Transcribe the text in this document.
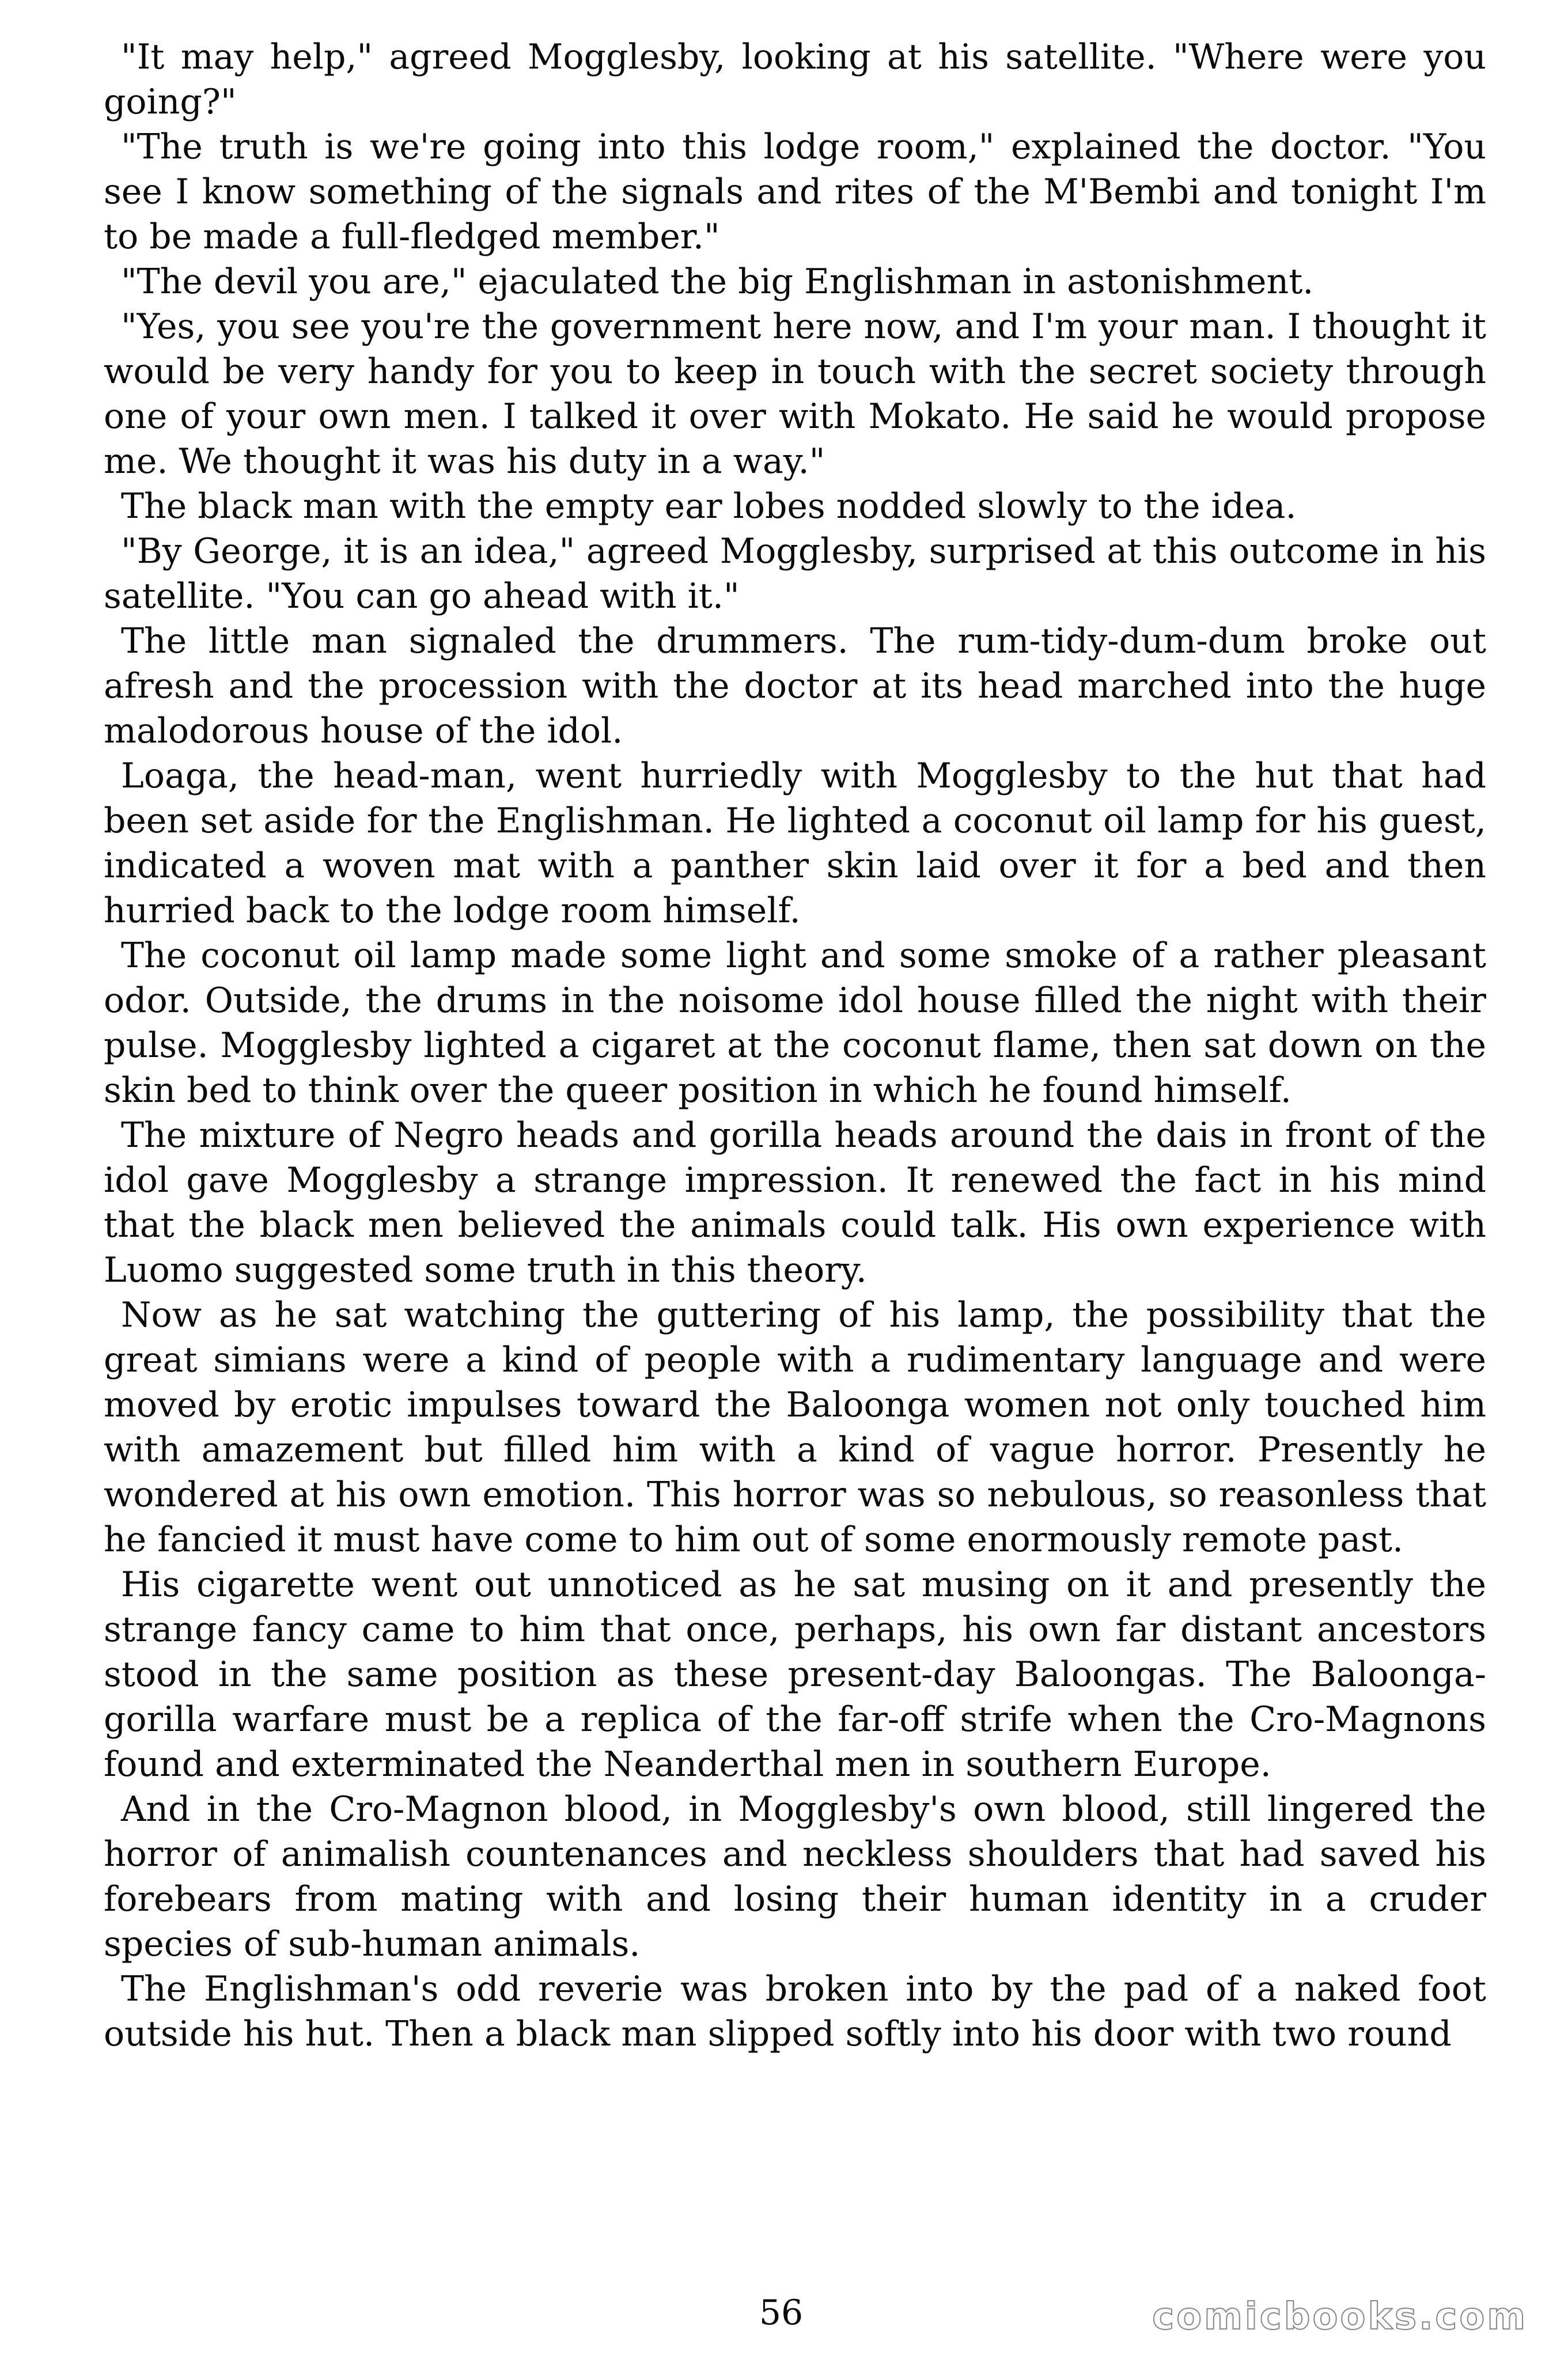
"It may help," agreed Mogglesby, looking at his satellite. "Where were you going?"

"The truth is we're going into this lodge room," explained the doctor. "You see I know something of the signals and rites of the M'Bembi and tonight I'm to be made a full-fledged member."

"The devil you are," ejaculated the big Englishman in astonishment.

"Yes, you see you're the government here now, and I'm your man. I thought it would be very handy for you to keep in touch with the secret society through one of your own men. I talked it over with Mokato. He said he would propose me. We thought it was his duty in a way."

The black man with the empty ear lobes nodded slowly to the idea.

"By George, it is an idea," agreed Mogglesby, surprised at this outcome in his satellite. "You can go ahead with it."

The little man signaled the drummers. The rum-tidy-dum-dum broke out afresh and the procession with the doctor at its head marched into the huge malodorous house of the idol.

Loaga, the head-man, went hurriedly with Mogglesby to the hut that had been set aside for the Englishman. He lighted a coconut oil lamp for his guest, indicated a woven mat with a panther skin laid over it for a bed and then hurried back to the lodge room himself.

The coconut oil lamp made some light and some smoke of a rather pleasant odor. Outside, the drums in the noisome idol house filled the night with their pulse. Mogglesby lighted a cigaret at the coconut flame, then sat down on the skin bed to think over the queer position in which he found himself.

The mixture of Negro heads and gorilla heads around the dais in front of the idol gave Mogglesby a strange impression. It renewed the fact in his mind that the black men believed the animals could talk. His own experience with Luomo suggested some truth in this theory.

Now as he sat watching the guttering of his lamp, the possibility that the great simians were a kind of people with a rudimentary language and were moved by erotic impulses toward the Baloonga women not only touched him with amazement but filled him with a kind of vague horror. Presently he wondered at his own emotion. This horror was so nebulous, so reasonless that he fancied it must have come to him out of some enormously remote past.

His cigarette went out unnoticed as he sat musing on it and presently the strange fancy came to him that once, perhaps, his own far distant ancestors stood in the same position as these present-day Baloongas. The Baloonga-gorilla warfare must be a replica of the far-off strife when the Cro-Magnons found and exterminated the Neanderthal men in southern Europe.

And in the Cro-Magnon blood, in Mogglesby's own blood, still lingered the horror of animalish countenances and neckless shoulders that had saved his forebears from mating with and losing their human identity in a cruder species of sub-human animals.

The Englishman's odd reverie was broken into by the pad of a naked foot outside his hut. Then a black man slipped softly into his door with two round

56	comicbooks.com
